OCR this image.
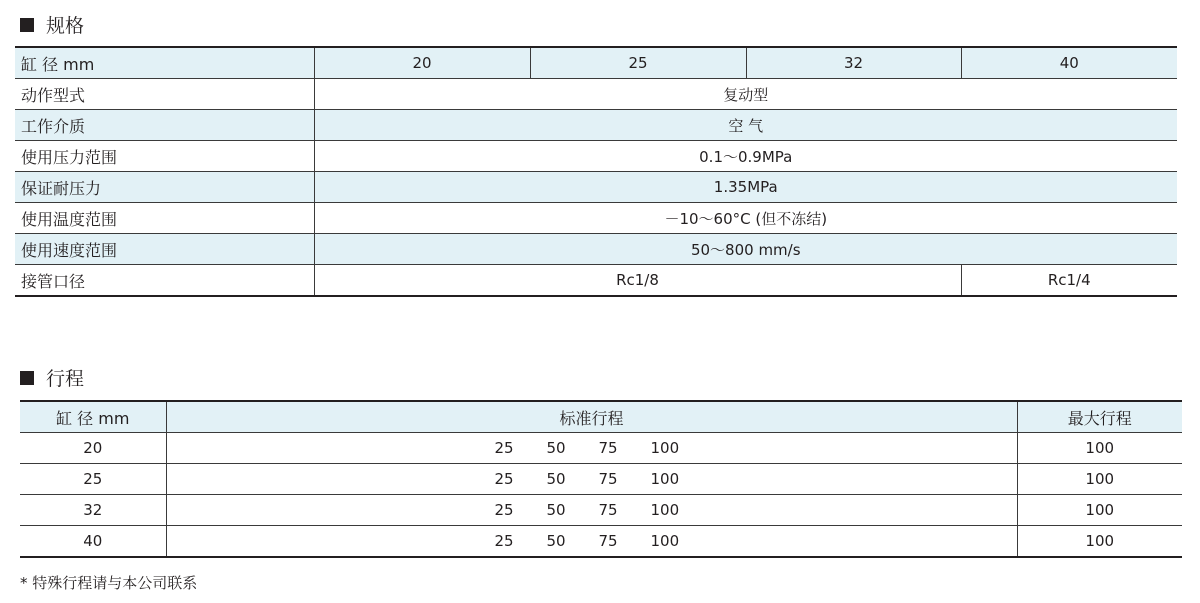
规格
缸 径 mm	20	25	32	40
动作型式	复动型			
工作介质	空 气			
使用压力范围	0.1～0.9MPa			
保证耐压力	1.35MPa			
使用温度范围	－10～60°C (但不冻结)			
使用速度范围	50～800 mm/s			
接管口径	Rc1/8			Rc1/4
行程
缸 径 mm	标准行程	最大行程
20	25 50 75 100	100
25	25 50 75 100	100
32	25 50 75 100	100
40	25 50 75 100	100
* 特殊行程请与本公司联系
